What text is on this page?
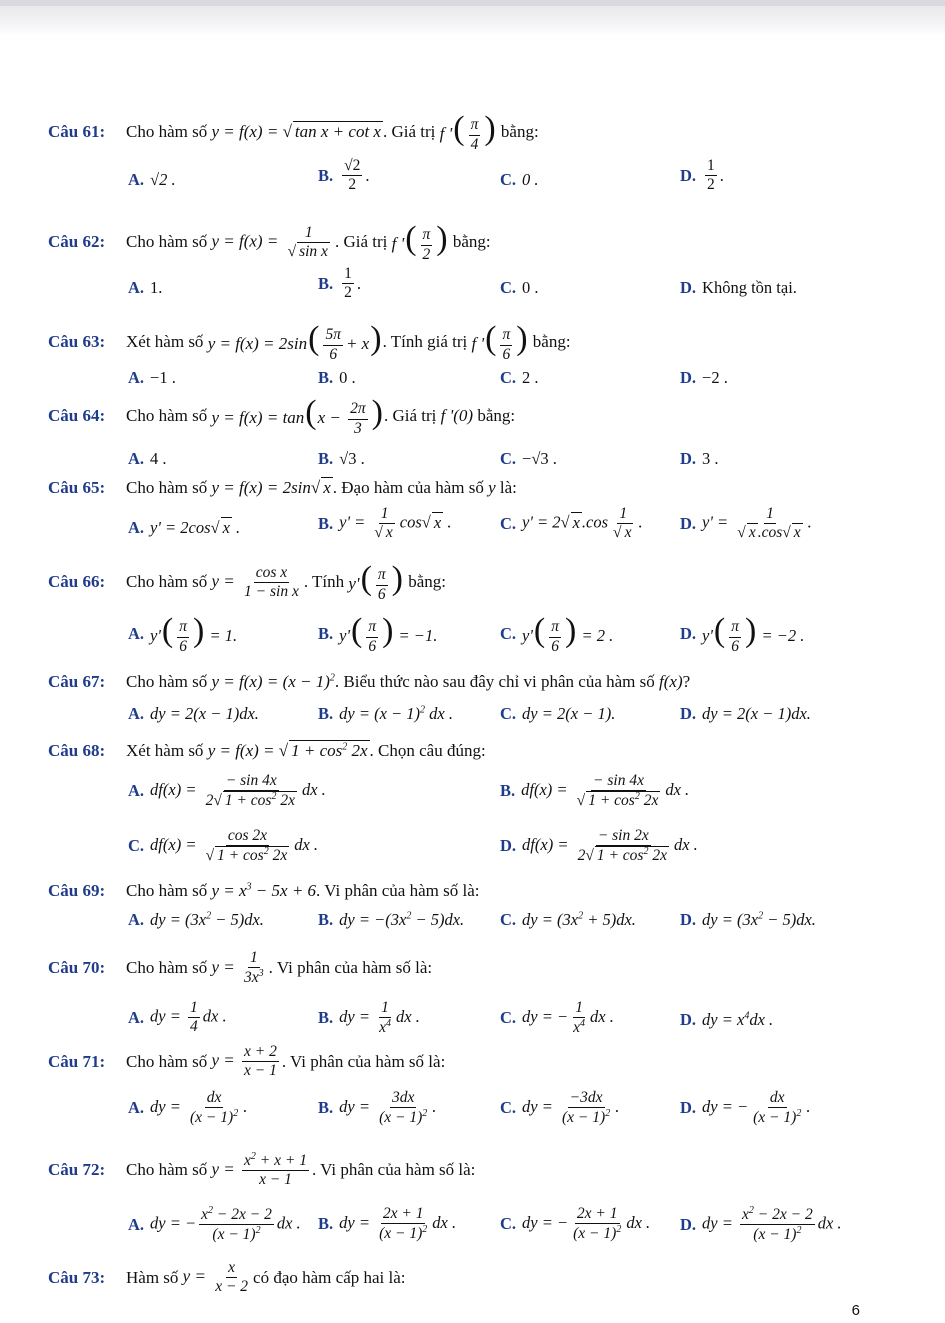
Câu 61:	Cho hàm số
y = f(x) = √ tan x + cot x . Giá trị
f '( $\frac{\pi}{4}$ )
bằng:
A. √2 .	B. $\frac{√2}{2}$ .	C. 0 .	D. $\frac{1}{2}$ .
Câu 62:	Cho hàm số
$y = f(x) = \frac{1}{\text{√ sin x}}$ . Giá trị
f '( $\frac{\pi}{2}$ )
bằng:
A. 1.	B. $\frac{1}{2}$ .	C. 0 .	D. Không tồn tại.
Câu 63:	Xét hàm số
$y = f(x) = 2\sin( \frac{5\pi}{6} + x)$ . Tính giá trị
f '( $\frac{\pi}{6}$ )
bằng:
A. −1 .	B. 0 .	C. 2 .	D. −2 .
Câu 64:	Cho hàm số
$y = f(x) = \tan(x - \frac{2\pi}{3}$ ) . Giá trị
f '(0)
bằng:
A. 4 .	B. √3 .	C. −√3 .	D. 3 .
Câu 65:	Cho hàm số
y = f(x) = 2sin√ x . Đạo hàm của hàm số
y
là:
A. y' = 2cos√ x .	B. $y' = \frac{1}{√ x} \cos√$ x .	C. y' = 2√ x $.\cos \frac{1}{√ x}$ . D. $y' = \frac{1}{√ x .\cos√ x}$ .
Câu 66:	Cho hàm số
$y = \frac{\text{cos x}}{\text{1 − sin x}}$ . Tính
$y'( \frac{\pi}{6}$ )
bằng:
A. $y'( \frac{\pi}{6}$ ) = 1.	B. $y'( \frac{\pi}{6}$ ) = −1.	C. $y'( \frac{\pi}{6}$ ) = 2 .	D. $y'( \frac{\pi}{6}$ ) = −2 .
Câu 67:	Cho hàm số
$y = f(x) = (x - 1)^2$ . Biểu thức nào sau đây chỉ vi phân của hàm số
f(x) ?
A. dy = 2(x − 1)dx.	B. dy = $(x - 1)^2$ dx .	C. dy = 2(x − 1).	D. dy = 2(x − 1)dx.
Câu 68:	Xét hàm số
y = f(x) = √ $1 + \cos^2 2x$ . Chọn câu đúng:
A. $df(x) = \frac{- \sin 4x}{2√ 1 + \cos^2 2x}$ dx .	B. $df(x) = \frac{- \sin 4x}{√ 1 + \cos^2 2x}$ dx .
C. $df(x) = \frac{\cos 2x}{√ 1 + \cos^2 2x}$ dx .	D. $df(x) = \frac{- \sin 2x}{2√ 1 + \cos^2 2x}$ dx .
Câu 69:	Cho hàm số
$y = x^3 - 5x + 6$ . Vi phân của hàm số là:
A. dy = $(3x^2 - 5)dx$.	B. dy = $-(3x^2 - 5)dx$. C. dy = $(3x^2 + 5)dx$.	D. dy = $(3x^2 - 5)dx$.
Câu 70:	Cho hàm số
$y = \frac{1}{3x^3}$ . Vi phân của hàm số là:
A. dy = $\frac{1}{4}$ dx .	B. dy = $\frac{1}{x^4}$ dx .	C. dy = − $\frac{1}{x^4}$ dx .	D. dy = $x^4dx$ .
Câu 71:	Cho hàm số
$y = \frac{x + 2}{x - 1}$ . Vi phân của hàm số là:
A. dy = $\frac{dx}{(x - 1)^2}$ .	B. dy = $\frac{3dx}{(x - 1)^2}$ .	C. dy = $\frac{-3dx}{(x - 1)^2}$ .	D. dy = − $\frac{dx}{(x - 1)^2}$ .
Câu 72:	Cho hàm số
$y = \frac{x^2 + x + 1}{x - 1}$ . Vi phân của hàm số là:
A. dy = − $\frac{x^2 - 2x - 2}{(x - 1)^2}$ dx . B. dy = $\frac{2x + 1}{(x - 1)^2}$ dx .	C. dy = − $\frac{2x + 1}{(x - 1)^2}$ dx . D. dy = $\frac{x^2 - 2x - 2}{(x - 1)^2}$ dx .
Câu 73:	Hàm số
$y = \frac{x}{x - 2}$ có đạo hàm cấp hai là:
6
